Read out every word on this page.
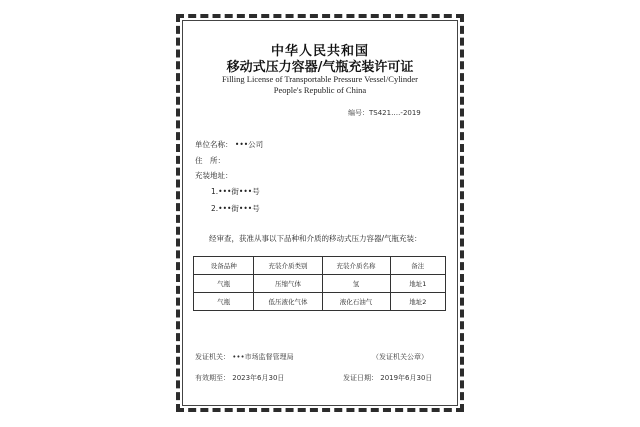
中华人民共和国
移动式压力容器/气瓶充装许可证
Filling License of Transportable Pressure Vessel/Cylinder
People's Republic of China
编号：TS421‥‥-2019
单位名称： •••公司
住　所：
充装地址：
1.•••街•••号
2.•••街•••号
经审查，获准从事以下品种和介质的移动式压力容器/气瓶充装：
设备品种	充装介质类别	充装介质名称	备注
气瓶	压缩气体	氢	地址1
气瓶	低压液化气体	液化石油气	地址2
发证机关： •••市场监督管理局	（发证机关公章）
有效期至： 2023年6月30日	发证日期： 2019年6月30日
